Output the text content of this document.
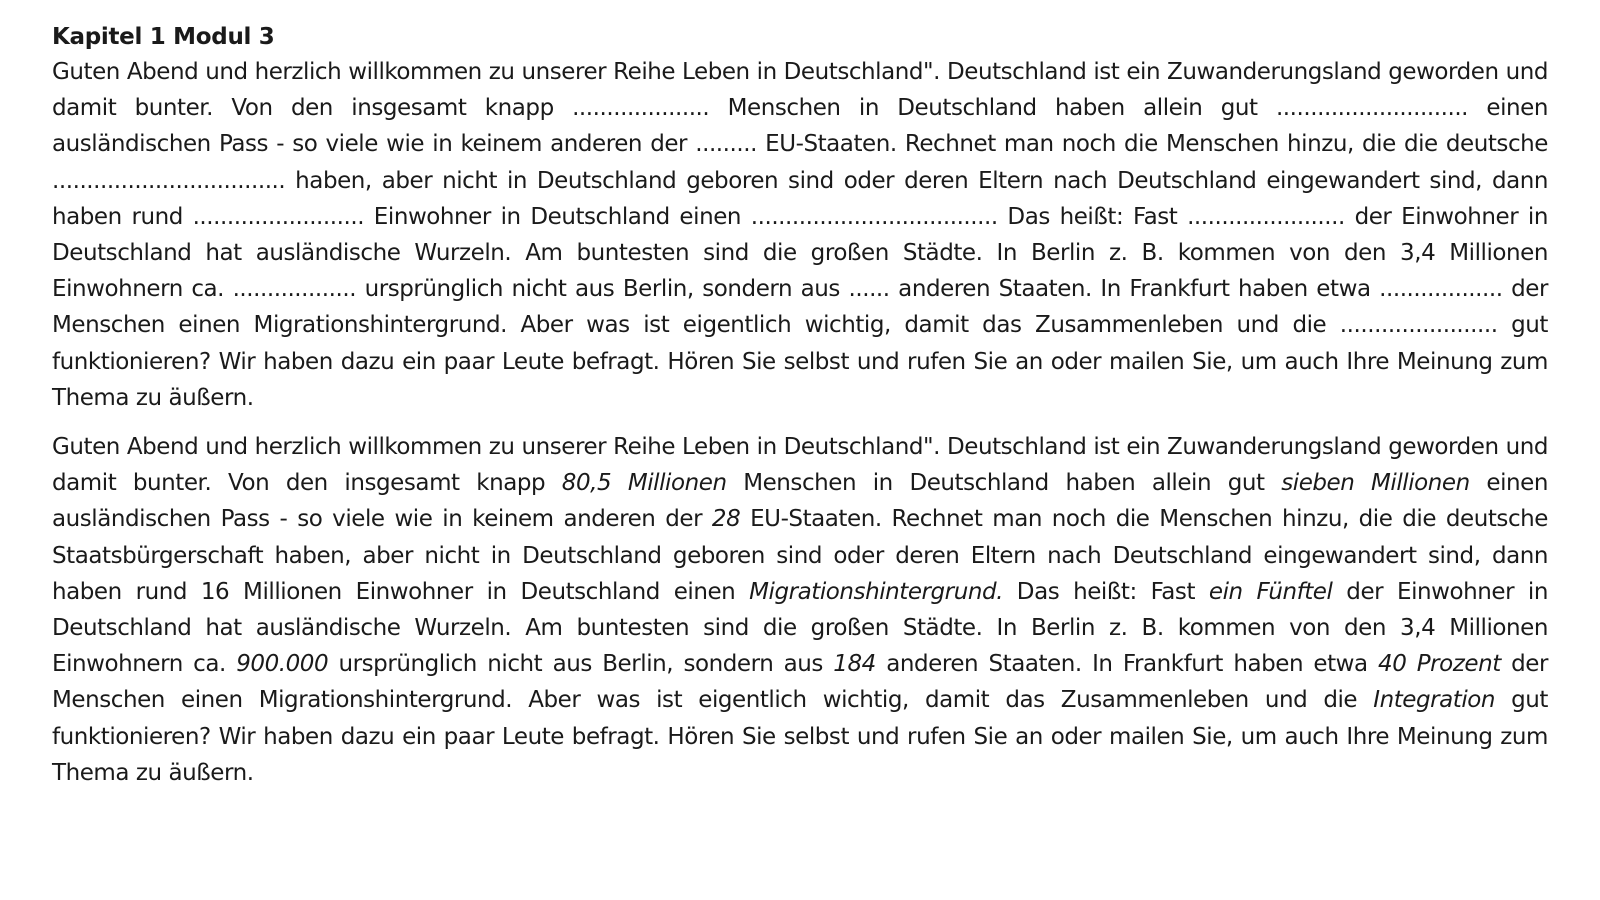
Kapitel 1 Modul 3

Guten Abend und herzlich willkommen zu unserer Reihe Leben in Deutschland". Deutschland ist ein Zuwanderungsland geworden und damit bunter. Von den insgesamt knapp .................... Menschen in Deutschland haben allein gut ............................ einen ausländischen Pass - so viele wie in keinem anderen der ......... EU-Staaten. Rechnet man noch die Menschen hinzu, die die deutsche .................................. haben, aber nicht in Deutschland geboren sind oder deren Eltern nach Deutschland eingewandert sind, dann haben rund ......................... Einwohner in Deutschland einen .................................... Das heißt: Fast ....................... der Einwohner in Deutschland hat ausländische Wurzeln. Am buntesten sind die großen Städte. In Berlin z. B. kommen von den 3,4 Millionen Einwohnern ca. .................. ursprünglich nicht aus Berlin, sondern aus ...... anderen Staaten. In Frankfurt haben etwa .................. der Menschen einen Migrationshintergrund. Aber was ist eigentlich wichtig, damit das Zusammenleben und die ....................... gut funktionieren? Wir haben dazu ein paar Leute befragt. Hören Sie selbst und rufen Sie an oder mailen Sie, um auch Ihre Meinung zum Thema zu äußern.

Guten Abend und herzlich willkommen zu unserer Reihe Leben in Deutschland". Deutschland ist ein Zuwanderungsland geworden und damit bunter. Von den insgesamt knapp 80,5 Millionen Menschen in Deutschland haben allein gut sieben Millionen einen ausländischen Pass - so viele wie in keinem anderen der 28 EU-Staaten. Rechnet man noch die Menschen hinzu, die die deutsche Staatsbürgerschaft haben, aber nicht in Deutschland geboren sind oder deren Eltern nach Deutschland eingewandert sind, dann haben rund 16 Millionen Einwohner in Deutschland einen Migrationshintergrund. Das heißt: Fast ein Fünftel der Einwohner in Deutschland hat ausländische Wurzeln. Am buntesten sind die großen Städte. In Berlin z. B. kommen von den 3,4 Millionen Einwohnern ca. 900.000 ursprünglich nicht aus Berlin, sondern aus 184 anderen Staaten. In Frankfurt haben etwa 40 Prozent der Menschen einen Migrationshintergrund. Aber was ist eigentlich wichtig, damit das Zusammenleben und die Integration gut funktionieren? Wir haben dazu ein paar Leute befragt. Hören Sie selbst und rufen Sie an oder mailen Sie, um auch Ihre Meinung zum Thema zu äußern.
